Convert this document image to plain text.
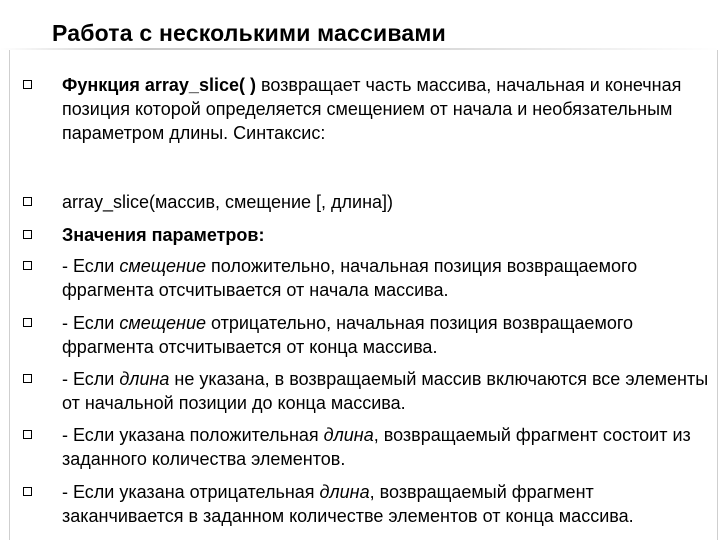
Работа с несколькими массивами
Функция array_slice( ) возвращает часть массива, начальная и конечная позиция которой определяется смещением от начала и необязательным параметром длины. Синтаксис:
array_slice(массив, смещение [, длина])
Значения параметров:
- Если смещение положительно, начальная позиция возвращаемого фрагмента отсчитывается от начала массива.
- Если смещение отрицательно, начальная позиция возвращаемого фрагмента отсчитывается от конца массива.
- Если длина не указана, в возвращаемый массив включаются все элементы от начальной позиции до конца массива.
- Если указана положительная длина, возвращаемый фрагмент состоит из заданного количества элементов.
- Если указана отрицательная длина, возвращаемый фрагмент заканчивается в заданном количестве элементов от конца массива.
